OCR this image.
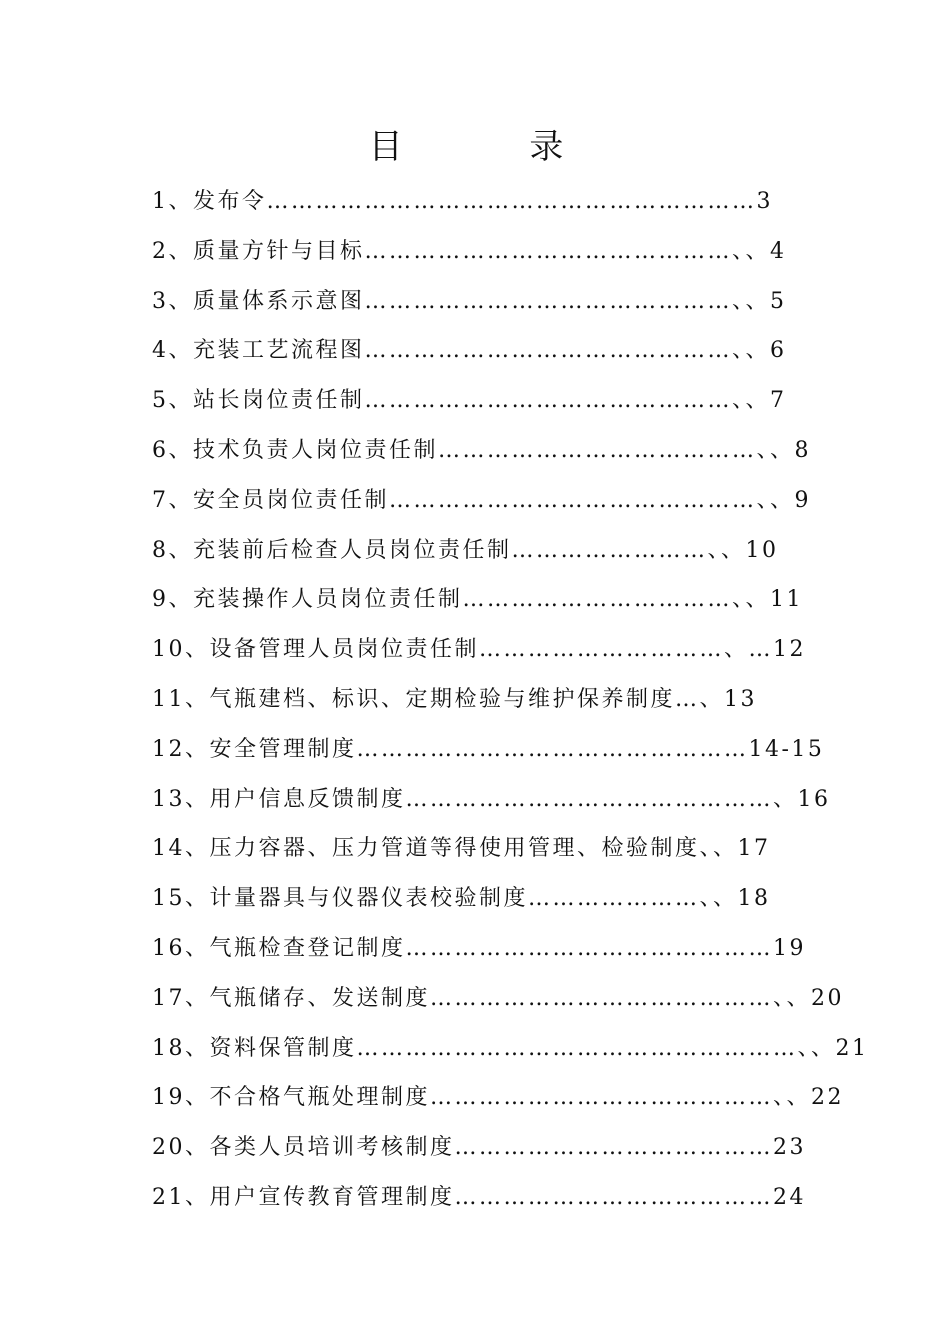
目 录
1、发布令……………………………………………………3
2、质量方针与目标………………………………………、、4
3、质量体系示意图………………………………………、、5
4、充装工艺流程图………………………………………、、6
5、站长岗位责任制………………………………………、、7
6、技术负责人岗位责任制…………………………………、、8
7、安全员岗位责任制………………………………………、、9
8、充装前后检查人员岗位责任制……………………、、10
9、充装操作人员岗位责任制……………………………、、11
10、设备管理人员岗位责任制…………………………、…12
11、气瓶建档、标识、定期检验与维护保养制度…、13
12、安全管理制度…………………………………………14-15
13、用户信息反馈制度………………………………………、16
14、压力容器、压力管道等得使用管理、检验制度、、17
15、计量器具与仪器仪表校验制度…………………、、18
16、气瓶检查登记制度………………………………………19
17、气瓶储存、发送制度……………………………………、、20
18、资料保管制度………………………………………………、、21
19、不合格气瓶处理制度……………………………………、、22
20、各类人员培训考核制度…………………………………23
21、用户宣传教育管理制度…………………………………24
